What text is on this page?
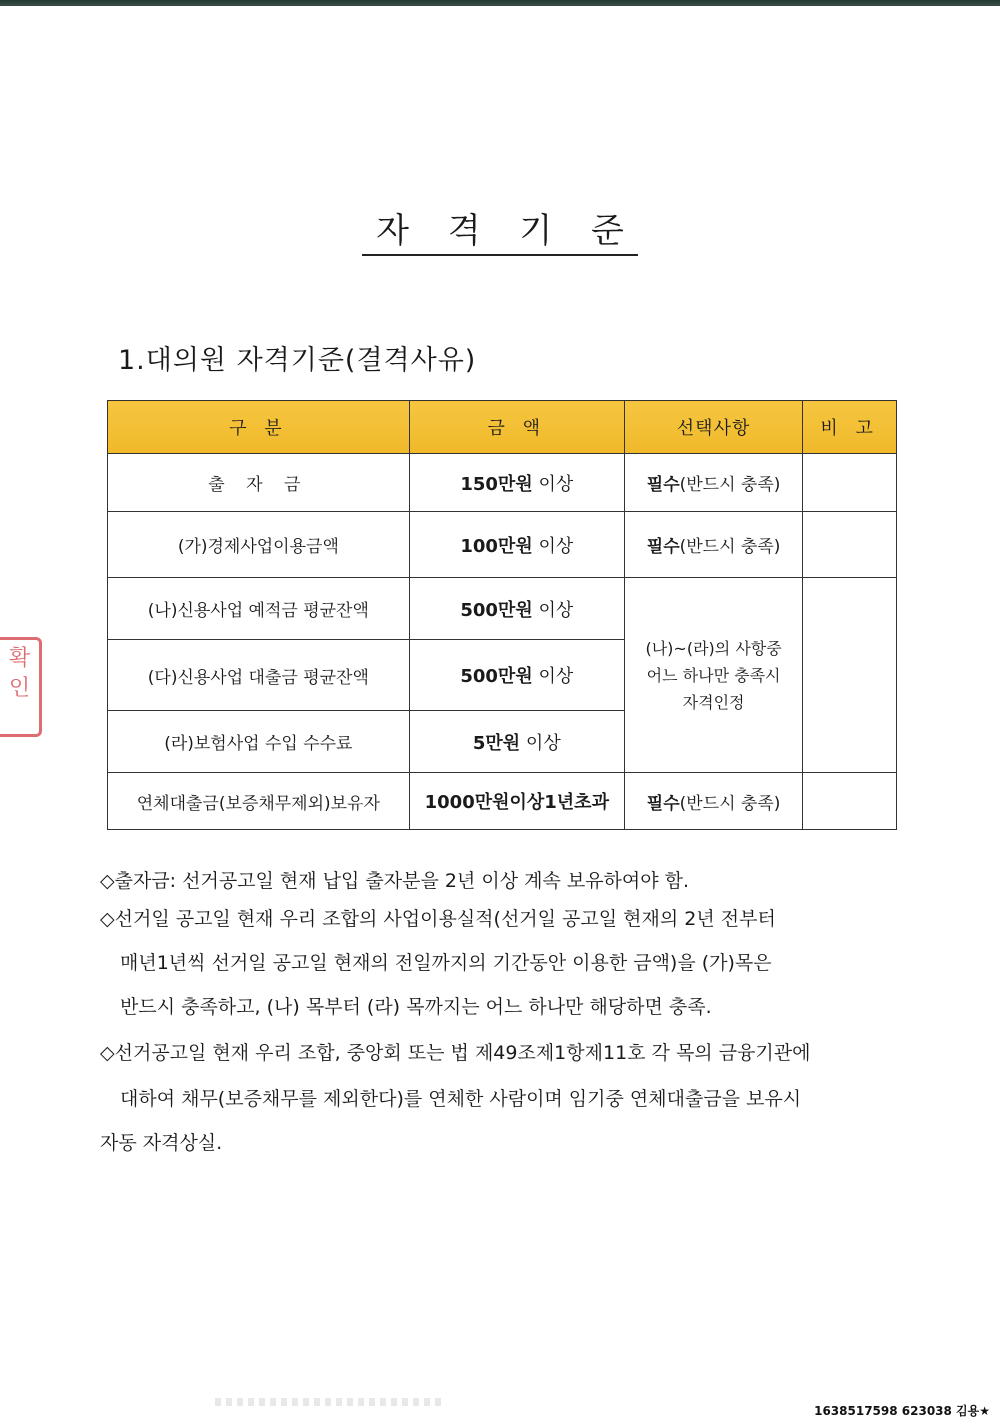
확인
자 격 기 준
1.대의원 자격기준(결격사유)
구 분	금 액	선택사항	비 고
출 자 금	150만원 이상	필수(반드시 충족)	
(가)경제사업이용금액	100만원 이상	필수(반드시 충족)	
(나)신용사업 예적금 평균잔액	500만원 이상	(나)~(라)의 사항중
어느 하나만 충족시
자격인정	

(다)신용사업 대출금 평균잔액	500만원 이상		
(라)보험사업 수입 수수료	5만원 이상		
연체대출금(보증채무제외)보유자	1000만원이상1년초과	필수(반드시 충족)	

◇출자금: 선거공고일 현재 납입 출자분을 2년 이상 계속 보유하여야 함.

◇선거일 공고일 현재 우리 조합의 사업이용실적(선거일 공고일 현재의 2년 전부터

매년1년씩 선거일 공고일 현재의 전일까지의 기간동안 이용한 금액)을 (가)목은

반드시 충족하고, (나) 목부터 (라) 목까지는 어느 하나만 해당하면 충족.

◇선거공고일 현재 우리 조합, 중앙회 또는 법 제49조제1항제11호 각 목의 금융기관에

대하여 채무(보증채무를 제외한다)를 연체한 사람이며 임기중 연체대출금을 보유시

자동 자격상실.

1638517598 623038 김용★
